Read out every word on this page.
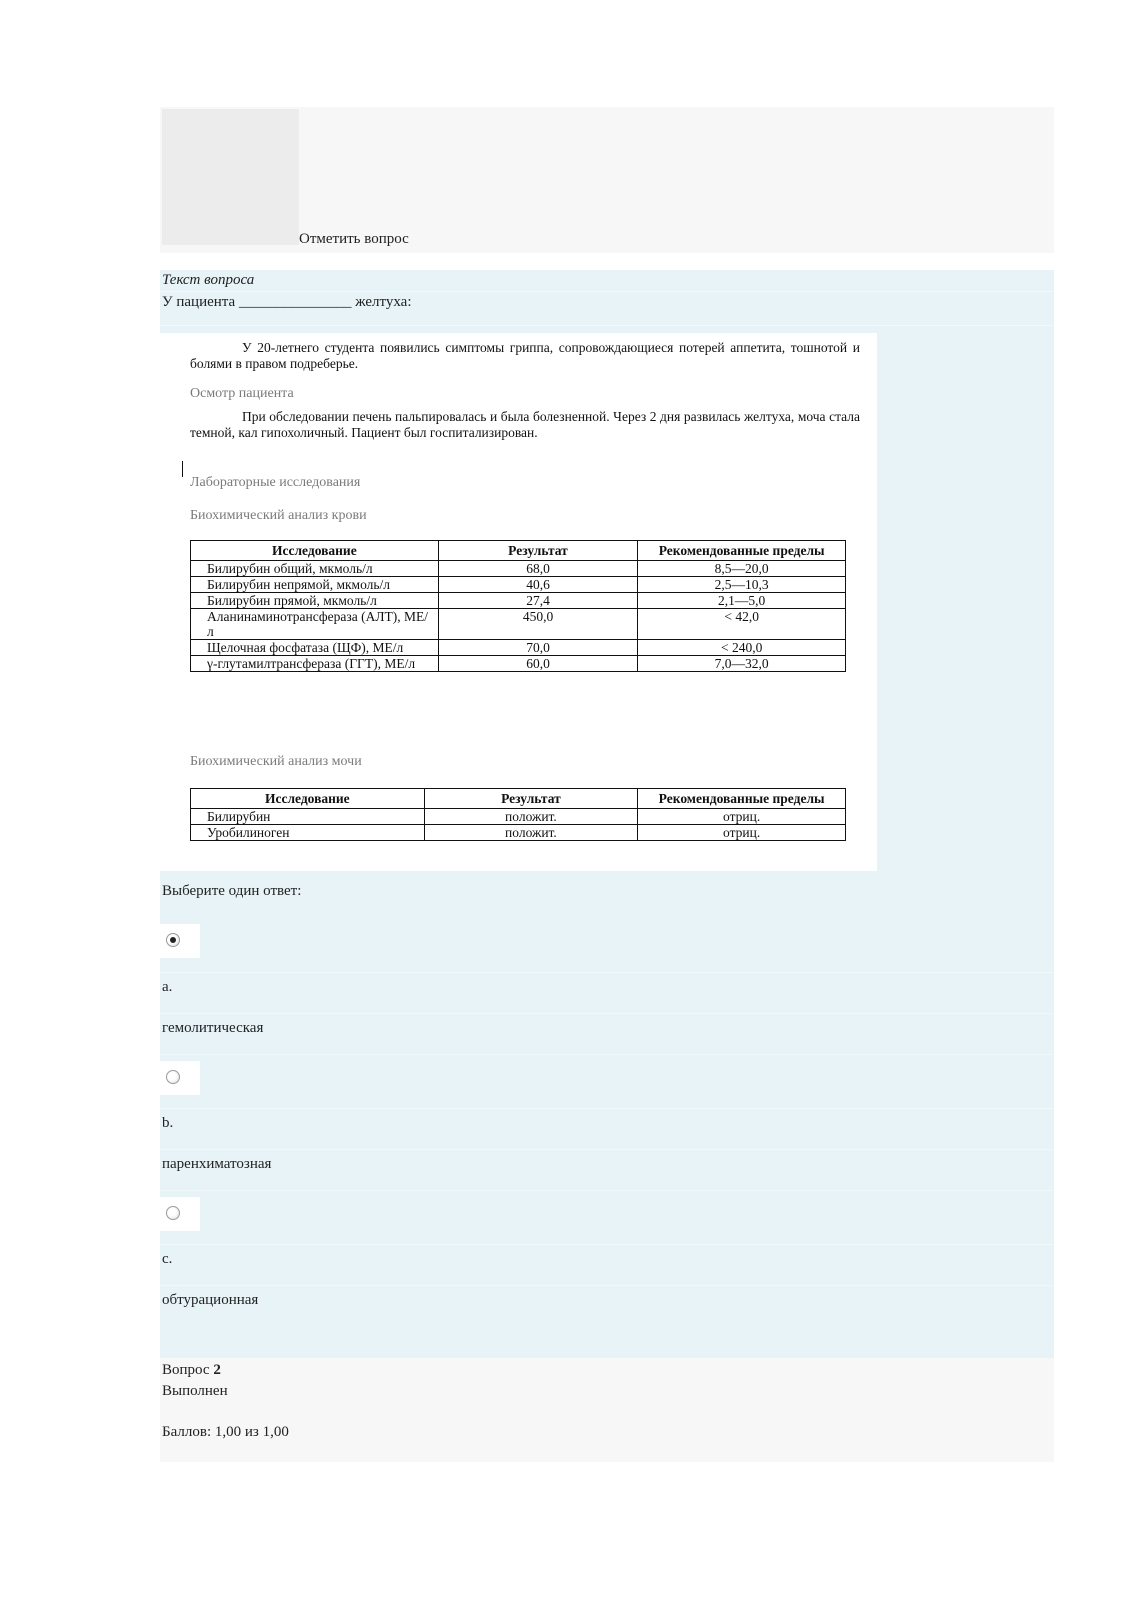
Отметить вопрос
Текст вопроса
У пациента _______________ желтуха:

У 20-летнего студента появились симптомы гриппа, сопровождающиеся потерей аппетита, тошнотой и болями в правом подреберье.

Осмотр пациента

При обследовании печень пальпировалась и была болезненной. Через 2 дня развилась желтуха, моча стала темной, кал гипохоличный. Пациент был госпитализирован.

Лабораторные исследования
Биохимический анализ крови
Исследование	Результат	Рекомендованные пределы
Билирубин общий, мкмоль/л	68,0	8,5—20,0
Билирубин непрямой, мкмоль/л	40,6	2,5—10,3
Билирубин прямой, мкмоль/л	27,4	2,1—5,0
Аланинаминотрансфераза (АЛТ), МЕ/л	450,0	< 42,0
Щелочная фосфатаза (ЩФ), МЕ/л	70,0	< 240,0
γ-глутамилтрансфераза (ГГТ), МЕ/л	60,0	7,0—32,0
Биохимический анализ мочи
Исследование	Результат	Рекомендованные пределы
Билирубин	положит.	отриц.
Уробилиноген	положит.	отриц.
Выберите один ответ:
a.
гемолитическая
b.
паренхиматозная
c.
обтурационная
Вопрос 2
Выполнен
Баллов: 1,00 из 1,00
